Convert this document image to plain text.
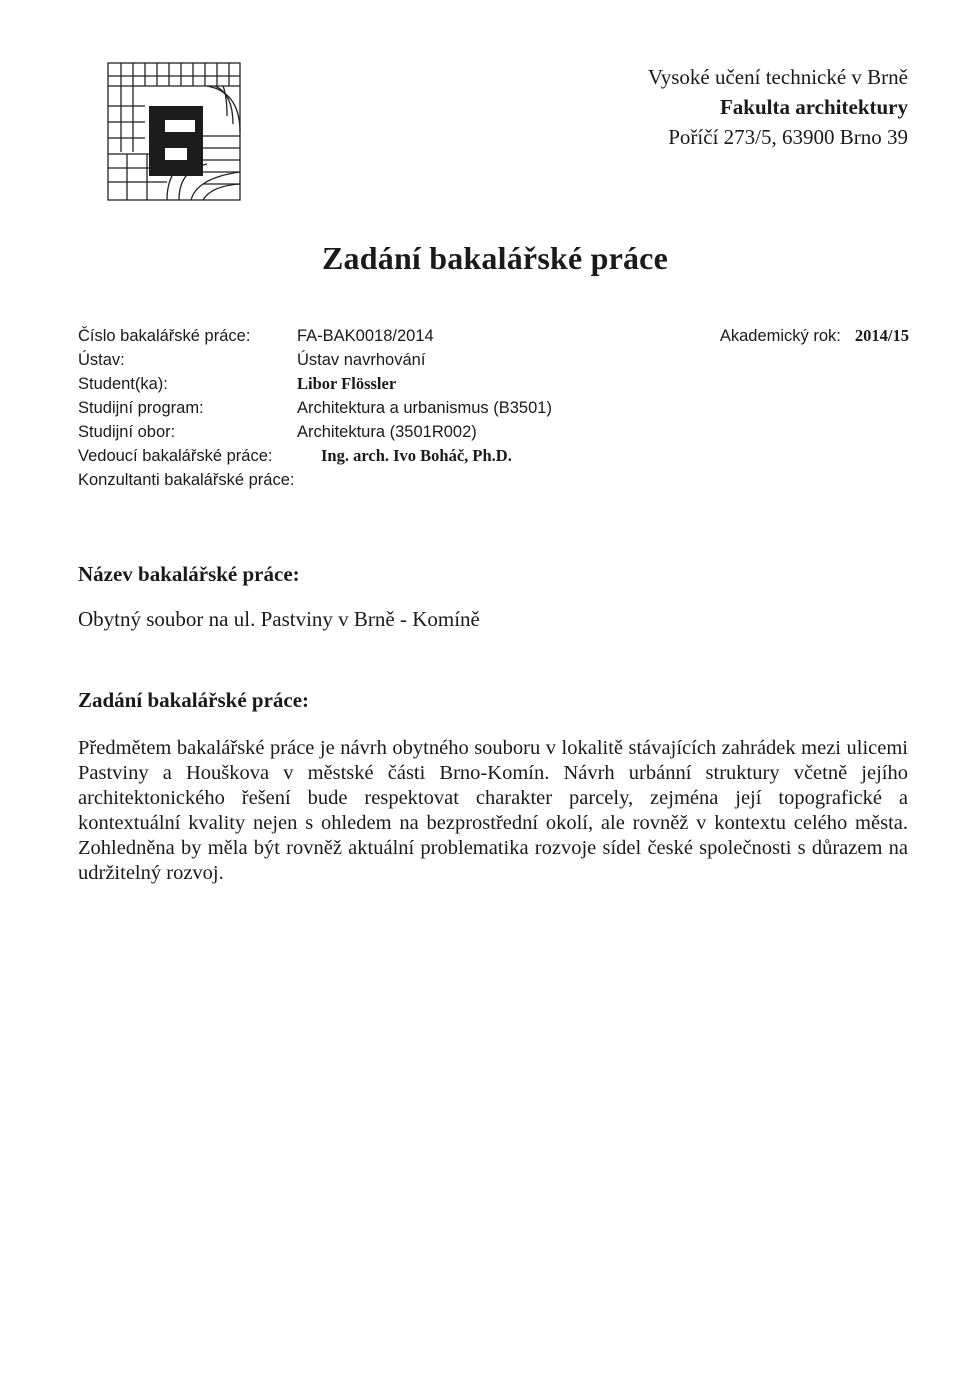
Vysoké učení technické v Brně
Fakulta architektury
Poříčí 273/5, 63900 Brno 39
Zadání bakalářské práce
Číslo bakalářské práce:	FA-BAK0018/2014
Ústav:	Ústav navrhování
Student(ka):	Libor Flössler
Studijní program:	Architektura a urbanismus (B3501)
Studijní obor:	Architektura (3501R002)
Vedoucí bakalářské práce:	Ing. arch. Ivo Boháč, Ph.D.
Konzultanti bakalářské práce:
Akademický rok: 2014/15
Název bakalářské práce:
Obytný soubor na ul. Pastviny v Brně - Komíně
Zadání bakalářské práce:
Předmětem bakalářské práce je návrh obytného souboru v lokalitě stávajících zahrádek mezi ulicemi Pastviny a Houškova v městské části Brno-Komín. Návrh urbánní struktury včetně jejího architektonického řešení bude respektovat charakter parcely, zejména její topografické a kontextuální kvality nejen s ohledem na bezprostřední okolí, ale rovněž v kontextu celého města. Zohledněna by měla být rovněž aktuální problematika rozvoje sídel české společnosti s důrazem na udržitelný rozvoj.
